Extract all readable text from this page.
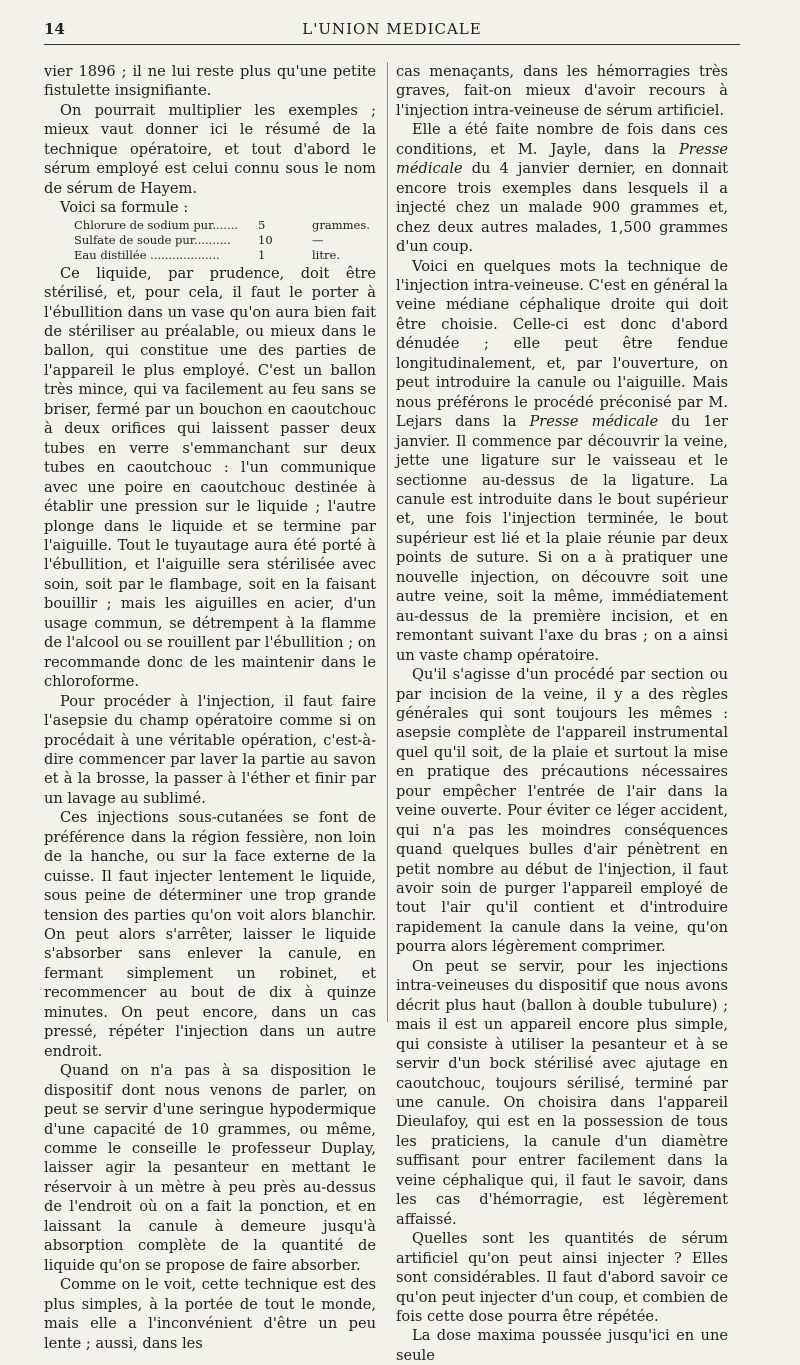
14	L'UNION MEDICALE

vier 1896 ; il ne lui reste plus qu'une petite fistulette insignifiante.

On pourrait multiplier les exemples ; mieux vaut donner ici le résumé de la technique opératoire, et tout d'abord le sérum employé est celui connu sous le nom de sérum de Hayem.

Voici sa formule :

Chlorure de sodium pur.......	5	grammes.
Sulfate de soude pur..........	10	—
Eau distillée ...................	1	litre.

Ce liquide, par prudence, doit être stérilisé, et, pour cela, il faut le porter à l'ébullition dans un vase qu'on aura bien fait de stériliser au préalable, ou mieux dans le ballon, qui constitue une des parties de l'appareil le plus employé. C'est un ballon très mince, qui va facilement au feu sans se briser, fermé par un bouchon en caoutchouc à deux orifices qui laissent passer deux tubes en verre s'emmanchant sur deux tubes en caoutchouc : l'un communique avec une poire en caoutchouc destinée à établir une pression sur le liquide ; l'autre plonge dans le liquide et se termine par l'aiguille. Tout le tuyautage aura été porté à l'ébullition, et l'aiguille sera stérilisée avec soin, soit par le flambage, soit en la faisant bouillir ; mais les aiguilles en acier, d'un usage commun, se détrempent à la flamme de l'alcool ou se rouillent par l'ébullition ; on recommande donc de les maintenir dans le chloroforme.

Pour procéder à l'injection, il faut faire l'asepsie du champ opératoire comme si on procédait à une véritable opération, c'est-à-dire commencer par laver la partie au savon et à la brosse, la passer à l'éther et finir par un lavage au sublimé.

Ces injections sous-cutanées se font de préférence dans la région fessière, non loin de la hanche, ou sur la face externe de la cuisse. Il faut injecter lentement le liquide, sous peine de déterminer une trop grande tension des parties qu'on voit alors blanchir. On peut alors s'arrêter, laisser le liquide s'absorber sans enlever la canule, en fermant simplement un robinet, et recommencer au bout de dix à quinze minutes. On peut encore, dans un cas pressé, répéter l'injection dans un autre endroit.

Quand on n'a pas à sa disposition le dispositif dont nous venons de parler, on peut se servir d'une seringue hypodermique d'une capacité de 10 grammes, ou même, comme le conseille le professeur Duplay, laisser agir la pesanteur en mettant le réservoir à un mètre à peu près au-dessus de l'endroit où on a fait la ponction, et en laissant la canule à demeure jusqu'à absorption complète de la quantité de liquide qu'on se propose de faire absorber.

Comme on le voit, cette technique est des plus simples, à la portée de tout le monde, mais elle a l'inconvénient d'être un peu lente ; aussi, dans les

cas menaçants, dans les hémorragies très graves, fait-on mieux d'avoir recours à l'injection intra-veineuse de sérum artificiel.

Elle a été faite nombre de fois dans ces conditions, et M. Jayle, dans la Presse médicale du 4 janvier dernier, en donnait encore trois exemples dans lesquels il a injecté chez un malade 900 grammes et, chez deux autres malades, 1,500 grammes d'un coup.

Voici en quelques mots la technique de l'injection intra-veineuse. C'est en général la veine médiane céphalique droite qui doit être choisie. Celle-ci est donc d'abord dénudée ; elle peut être fendue longitudinalement, et, par l'ouverture, on peut introduire la canule ou l'aiguille. Mais nous préférons le procédé préconisé par M. Lejars dans la Presse médicale du 1er janvier. Il commence par découvrir la veine, jette une ligature sur le vaisseau et le sectionne au-dessus de la ligature. La canule est introduite dans le bout supérieur et, une fois l'injection terminée, le bout supérieur est lié et la plaie réunie par deux points de suture. Si on a à pratiquer une nouvelle injection, on découvre soit une autre veine, soit la même, immédiatement au-dessus de la première incision, et en remontant suivant l'axe du bras ; on a ainsi un vaste champ opératoire.

Qu'il s'agisse d'un procédé par section ou par incision de la veine, il y a des règles générales qui sont toujours les mêmes : asepsie complète de l'appareil instrumental quel qu'il soit, de la plaie et surtout la mise en pratique des précautions nécessaires pour empêcher l'entrée de l'air dans la veine ouverte. Pour éviter ce léger accident, qui n'a pas les moindres conséquences quand quelques bulles d'air pénètrent en petit nombre au début de l'injection, il faut avoir soin de purger l'appareil employé de tout l'air qu'il contient et d'introduire rapidement la canule dans la veine, qu'on pourra alors légèrement comprimer.

On peut se servir, pour les injections intra-veineuses du dispositif que nous avons décrit plus haut (ballon à double tubulure) ; mais il est un appareil encore plus simple, qui consiste à utiliser la pesanteur et à se servir d'un bock stérilisé avec ajutage en caoutchouc, toujours sérilisé, terminé par une canule. On choisira dans l'appareil Dieulafoy, qui est en la possession de tous les praticiens, la canule d'un diamètre suffisant pour entrer facilement dans la veine céphalique qui, il faut le savoir, dans les cas d'hémorragie, est légèrement affaissé.

Quelles sont les quantités de sérum artificiel qu'on peut ainsi injecter ? Elles sont considérables. Il faut d'abord savoir ce qu'on peut injecter d'un coup, et combien de fois cette dose pourra être répétée.

La dose maxima poussée jusqu'ici en une seule
